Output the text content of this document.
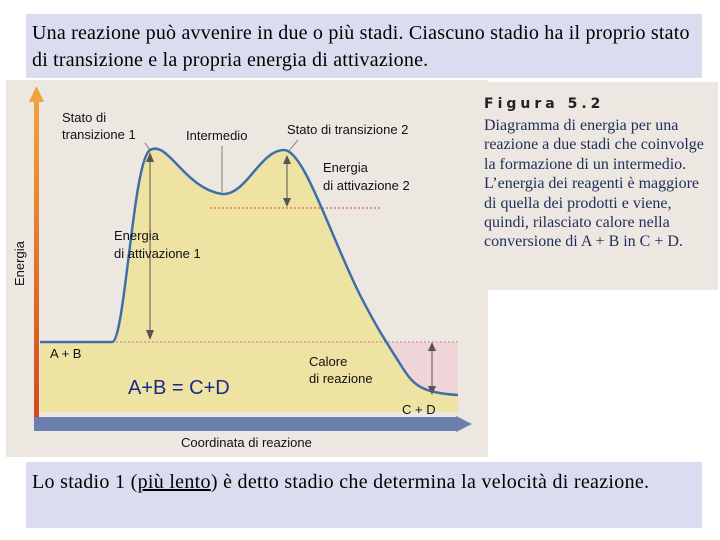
Una reazione può avvenire in due o più stadi. Ciascuno stadio ha il proprio stato di transizione e la propria energia di attivazione.
Energia
Coordinata di reazione
Stato di
transizione 1	Intermedio	Stato di transizione 2
Energia
di attivazione 2
Energia
di attivazione 1
A + B
Calore
di reazione
C + D
A+B = C+D
Figura 5.2
Diagramma di energia per una reazione a due stadi che coinvolge la formazione di un intermedio. L’energia dei reagenti è maggiore di quella dei prodotti e viene, quindi, rilasciato calore nella conversione di A + B in C + D.
Lo stadio 1 (più lento) è detto stadio che determina la velocità di reazione.
